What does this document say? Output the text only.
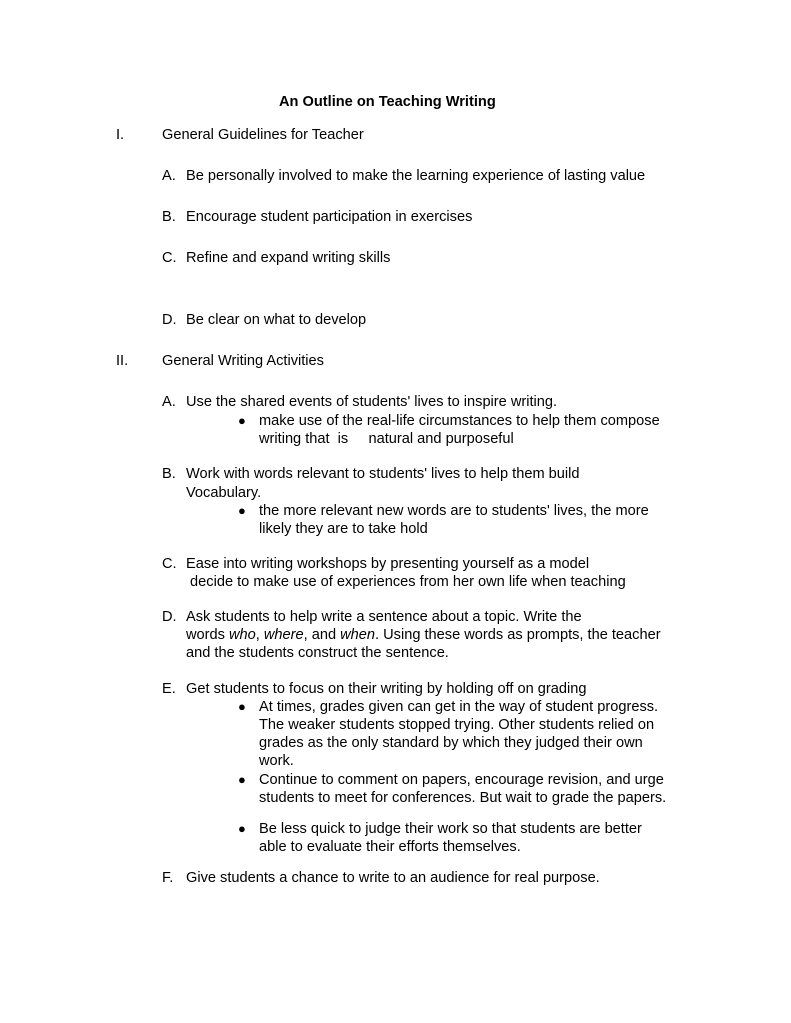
An Outline on Teaching Writing
I.	General Guidelines for Teacher
A. Be personally involved to make the learning experience of lasting value
B. Encourage student participation in exercises
C. Refine and expand writing skills
D. Be clear on what to develop
II. General Writing Activities
A. Use the shared events of students' lives to inspire writing.
● make use of the real-life circumstances to help them compose
writing that  is     natural and purposeful
B. Work with words relevant to students' lives to help them build
Vocabulary.
● the more relevant new words are to students' lives, the more
likely they are to take hold
C. Ease into writing workshops by presenting yourself as a model
decide to make use of experiences from her own life when teaching
D. Ask students to help write a sentence about a topic. Write the
words who, where, and when. Using these words as prompts, the teacher
and the students construct the sentence.
E. Get students to focus on their writing by holding off on grading
● At times, grades given can get in the way of student progress.
The weaker students stopped trying. Other students relied on
grades as the only standard by which they judged their own
work.
● Continue to comment on papers, encourage revision, and urge
students to meet for conferences. But wait to grade the papers.
● Be less quick to judge their work so that students are better
able to evaluate their efforts themselves.
F. Give students a chance to write to an audience for real purpose.
